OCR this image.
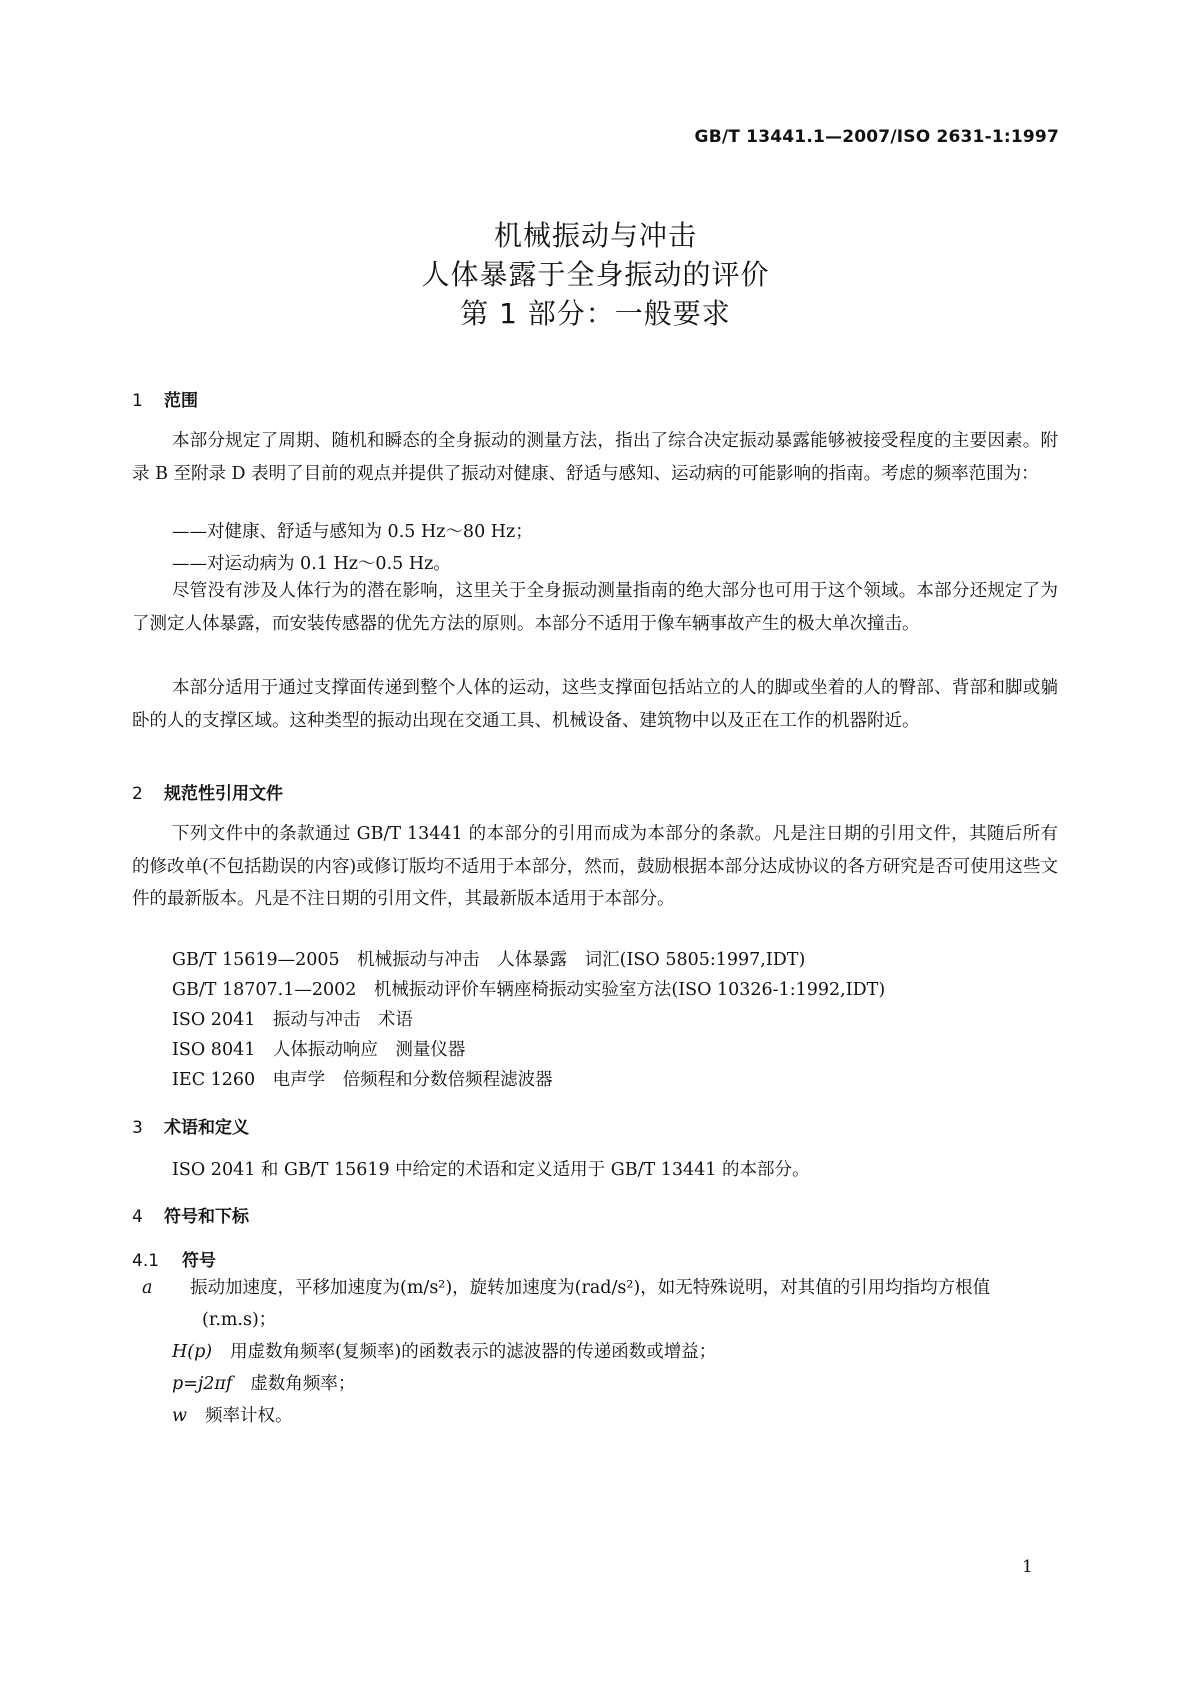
GB/T 13441.1—2007/ISO 2631-1:1997
机械振动与冲击
人体暴露于全身振动的评价
第 1 部分：一般要求
1 范围
本部分规定了周期、随机和瞬态的全身振动的测量方法，指出了综合决定振动暴露能够被接受程度的主要因素。附录 B 至附录 D 表明了目前的观点并提供了振动对健康、舒适与感知、运动病的可能影响的指南。考虑的频率范围为：
——对健康、舒适与感知为 0.5 Hz～80 Hz；
——对运动病为 0.1 Hz～0.5 Hz。
尽管没有涉及人体行为的潜在影响，这里关于全身振动测量指南的绝大部分也可用于这个领域。本部分还规定了为了测定人体暴露，而安装传感器的优先方法的原则。本部分不适用于像车辆事故产生的极大单次撞击。
本部分适用于通过支撑面传递到整个人体的运动，这些支撑面包括站立的人的脚或坐着的人的臀部、背部和脚或躺卧的人的支撑区域。这种类型的振动出现在交通工具、机械设备、建筑物中以及正在工作的机器附近。
2 规范性引用文件
下列文件中的条款通过 GB/T 13441 的本部分的引用而成为本部分的条款。凡是注日期的引用文件，其随后所有的修改单(不包括勘误的内容)或修订版均不适用于本部分，然而，鼓励根据本部分达成协议的各方研究是否可使用这些文件的最新版本。凡是不注日期的引用文件，其最新版本适用于本部分。
GB/T 15619—2005　机械振动与冲击　人体暴露　词汇(ISO 5805:1997,IDT)
GB/T 18707.1—2002　机械振动评价车辆座椅振动实验室方法(ISO 10326-1:1992,IDT)
ISO 2041　振动与冲击　术语
ISO 8041　人体振动响应　测量仪器
IEC 1260　电声学　倍频程和分数倍频程滤波器
3 术语和定义
ISO 2041 和 GB/T 15619 中给定的术语和定义适用于 GB/T 13441 的本部分。
4 符号和下标
4.1 符号
a 振动加速度，平移加速度为(m/s²)，旋转加速度为(rad/s²)，如无特殊说明，对其值的引用均指均方根值(r.m.s)；
H(p) 用虚数角频率(复频率)的函数表示的滤波器的传递函数或增益；
p=j2πf 虚数角频率；
w 频率计权。
1
